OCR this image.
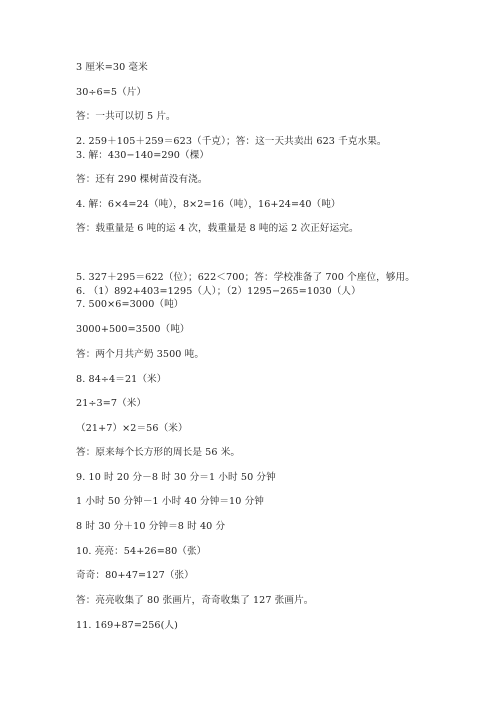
3 厘米=30 毫米
30÷6=5（片）
答：一共可以切 5 片。
2. 259＋105＋259＝623（千克）；答：这一天共卖出 623 千克水果。
3. 解：430−140=290（棵）
答：还有 290 棵树苗没有浇。
4. 解：6×4=24（吨），8×2=16（吨），16+24=40（吨）
答：载重量是 6 吨的运 4 次，载重量是 8 吨的运 2 次正好运完。
5. 327＋295＝622（位）；622＜700；答：学校准备了 700 个座位，够用。
6. （1）892+403=1295（人）；（2）1295−265=1030（人）
7. 500×6=3000（吨）
3000+500=3500（吨）
答：两个月共产奶 3500 吨。
8. 84÷4＝21（米）
21÷3=7（米）
（21+7）×2＝56（米）
答：原来每个长方形的周长是 56 米。
9. 10 时 20 分－8 时 30 分＝1 小时 50 分钟
1 小时 50 分钟－1 小时 40 分钟＝10 分钟
8 时 30 分＋10 分钟＝8 时 40 分
10. 亮亮：54+26=80（张）
奇奇：80+47=127（张）
答：亮亮收集了 80 张画片，奇奇收集了 127 张画片。
11. 169+87=256(人)
